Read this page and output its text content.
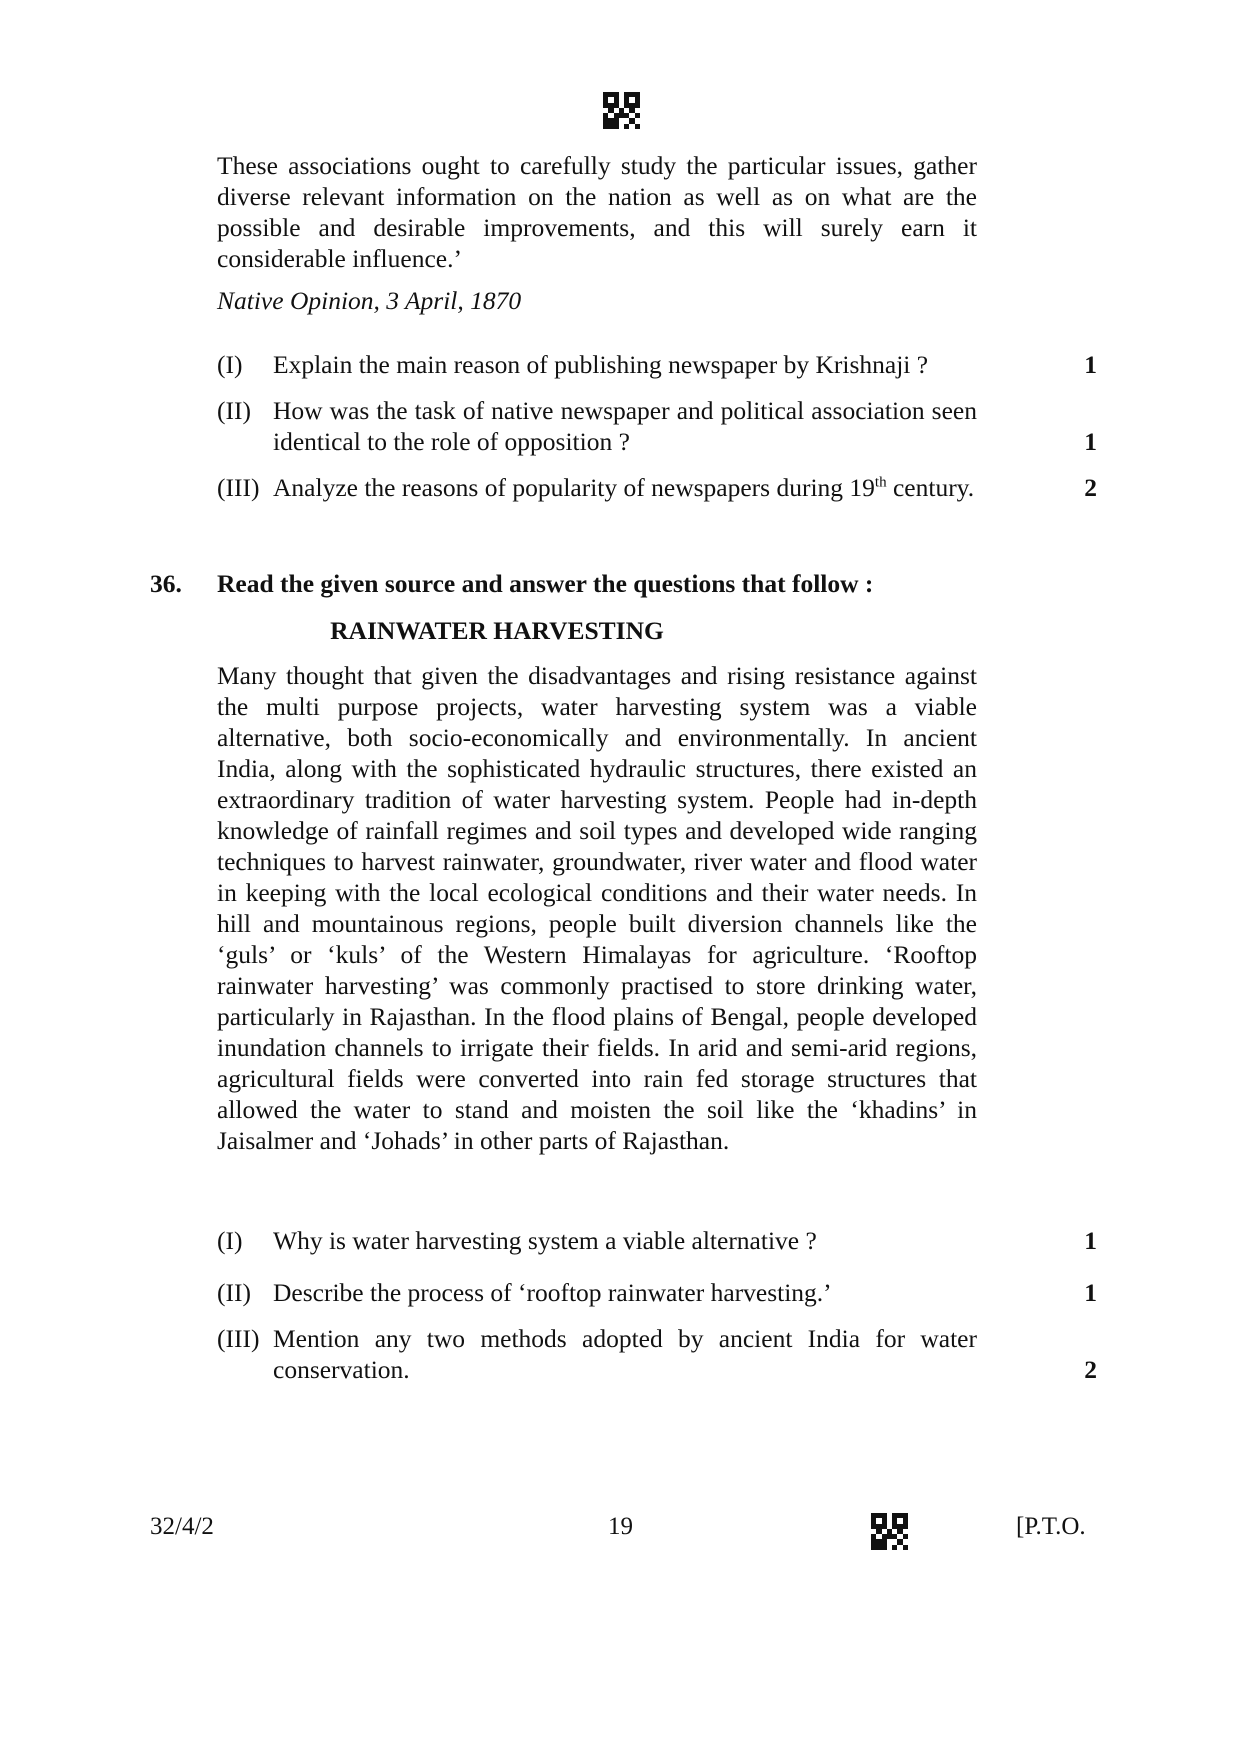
These associations ought to carefully study the particular issues, gather diverse relevant information on the nation as well as on what are the possible and desirable improvements, and this will surely earn it considerable influence.’
Native Opinion, 3 April, 1870
(I)	Explain the main reason of publishing newspaper by Krishnaji ?	1
(II) How was the task of native newspaper and political association seen identical to the role of opposition ?	1
(III) Analyze the reasons of popularity of newspapers during 19th century.	2
36. Read the given source and answer the questions that follow :
RAINWATER HARVESTING
Many thought that given the disadvantages and rising resistance against the multi purpose projects, water harvesting system was a viable alternative, both socio-economically and environmentally. In ancient India, along with the sophisticated hydraulic structures, there existed an extraordinary tradition of water harvesting system. People had in-depth knowledge of rainfall regimes and soil types and developed wide ranging techniques to harvest rainwater, groundwater, river water and flood water in keeping with the local ecological conditions and their water needs. In hill and mountainous regions, people built diversion channels like the ‘guls’ or ‘kuls’ of the Western Himalayas for agriculture. ‘Rooftop rainwater harvesting’ was commonly practised to store drinking water, particularly in Rajasthan. In the flood plains of Bengal, people developed inundation channels to irrigate their fields. In arid and semi-arid regions, agricultural fields were converted into rain fed storage structures that allowed the water to stand and moisten the soil like the ‘khadins’ in Jaisalmer and ‘Johads’ in other parts of Rajasthan.
(I)	Why is water harvesting system a viable alternative ?	1
(II) Describe the process of ‘rooftop rainwater harvesting.’	1
(III) Mention any two methods adopted by ancient India for water conservation.	2
32/4/2	19	[P.T.O.
